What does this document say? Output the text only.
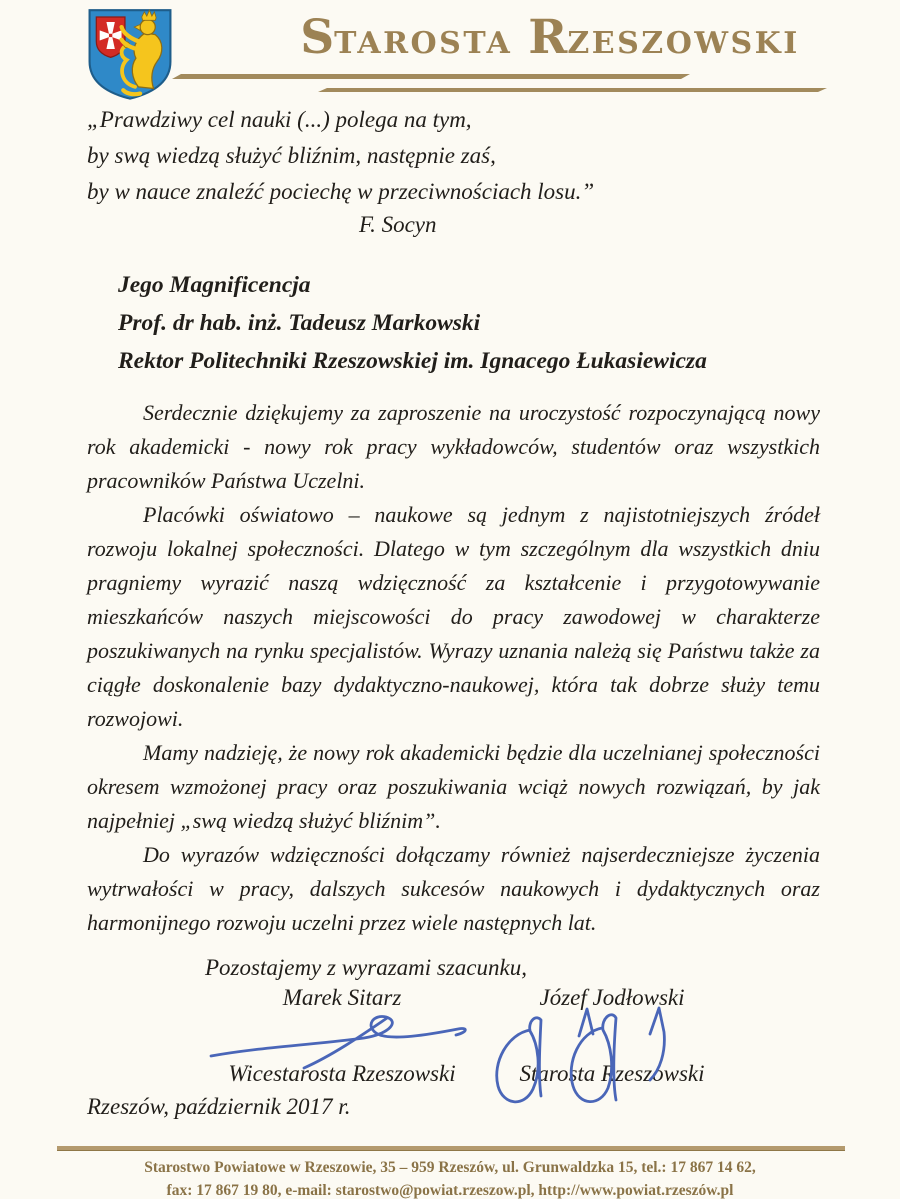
STAROSTA RZESZOWSKI
„Prawdziwy cel nauki (...) polega na tym,
by swą wiedzą służyć bliźnim, następnie zaś,
by w nauce znaleźć pociechę w przeciwnościach losu.”
F. Socyn
Jego Magnificencja
Prof. dr hab. inż. Tadeusz Markowski
Rektor Politechniki Rzeszowskiej im. Ignacego Łukasiewicza

Serdecznie dziękujemy za zaproszenie na uroczystość rozpoczynającą nowy rok akademicki - nowy rok pracy wykładowców, studentów oraz wszystkich pracowników Państwa Uczelni.

Placówki oświatowo – naukowe są jednym z najistotniejszych źródeł rozwoju lokalnej społeczności. Dlatego w tym szczególnym dla wszystkich dniu pragniemy wyrazić naszą wdzięczność za kształcenie i przygotowywanie mieszkańców naszych miejscowości do pracy zawodowej w charakterze poszukiwanych na rynku specjalistów. Wyrazy uznania należą się Państwu także za ciągłe doskonalenie bazy dydaktyczno-naukowej, która tak dobrze służy temu rozwojowi.

Mamy nadzieję, że nowy rok akademicki będzie dla uczelnianej społeczności okresem wzmożonej pracy oraz poszukiwania wciąż nowych rozwiązań, by jak najpełniej „swą wiedzą służyć bliźnim”.

Do wyrazów wdzięczności dołączamy również najserdeczniejsze życzenia wytrwałości w pracy, dalszych sukcesów naukowych i dydaktycznych oraz harmonijnego rozwoju uczelni przez wiele następnych lat.

Pozostajemy z wyrazami szacunku,
Marek Sitarz
Wicestarosta Rzeszowski
Józef Jodłowski
Starosta Rzeszowski
Rzeszów, październik 2017 r.
Starostwo Powiatowe w Rzeszowie, 35 – 959 Rzeszów, ul. Grunwaldzka 15, tel.: 17 867 14 62,
fax: 17 867 19 80, e-mail: starostwo@powiat.rzeszow.pl, http://www.powiat.rzeszów.pl
